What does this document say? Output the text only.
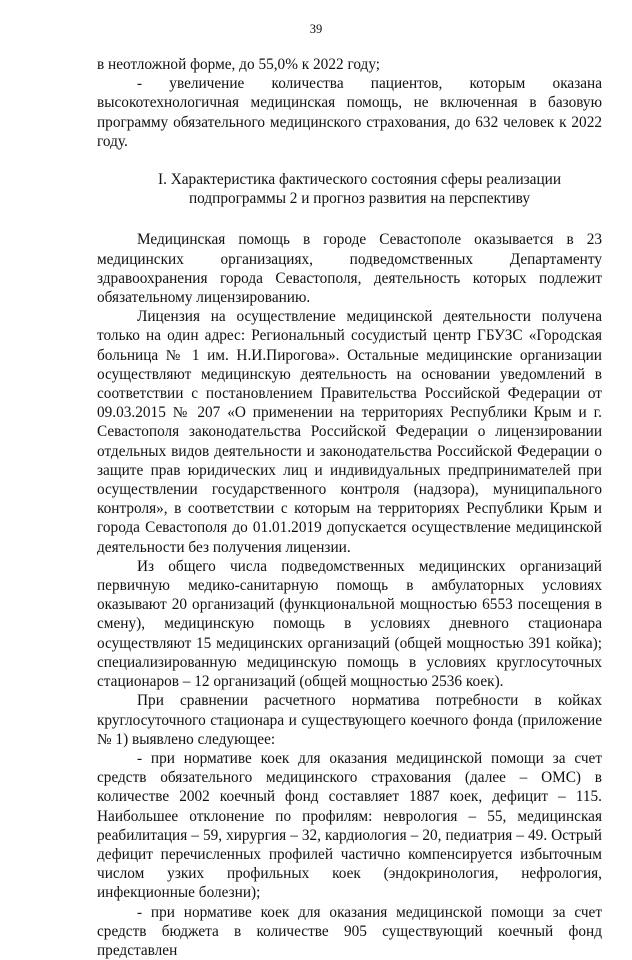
39

в неотложной форме, до 55,0% к 2022 году;

- увеличение количества пациентов, которым оказана высокотехнологичная медицинская помощь, не включенная в базовую программу обязательного медицинского страхования, до 632 человек к 2022 году.

I. Характеристика фактического состояния сферы реализации
подпрограммы 2 и прогноз развития на перспективу

Медицинская помощь в городе Севастополе оказывается в 23 медицинских организациях, подведомственных Департаменту здравоохранения города Севастополя, деятельность которых подлежит обязательному лицензированию.

Лицензия на осуществление медицинской деятельности получена только на один адрес: Региональный сосудистый центр ГБУЗС «Городская больница № 1 им. Н.И.Пирогова». Остальные медицинские организации осуществляют медицинскую деятельность на основании уведомлений в соответствии с постановлением Правительства Российской Федерации от 09.03.2015 № 207 «О применении на территориях Республики Крым и г. Севастополя законодательства Российской Федерации о лицензировании отдельных видов деятельности и законодательства Российской Федерации о защите прав юридических лиц и индивидуальных предпринимателей при осуществлении государственного контроля (надзора), муниципального контроля», в соответствии с которым на территориях Республики Крым и города Севастополя до 01.01.2019 допускается осуществление медицинской деятельности без получения лицензии.

Из общего числа подведомственных медицинских организаций первичную медико-санитарную помощь в амбулаторных условиях оказывают 20 организаций (функциональной мощностью 6553 посещения в смену), медицинскую помощь в условиях дневного стационара осуществляют 15 медицинских организаций (общей мощностью 391 койка); специализированную медицинскую помощь в условиях круглосуточных стационаров – 12 организаций (общей мощностью 2536 коек).

При сравнении расчетного норматива потребности в койках круглосуточного стационара и существующего коечного фонда (приложение № 1) выявлено следующее:

- при нормативе коек для оказания медицинской помощи за счет средств обязательного медицинского страхования (далее – ОМС) в количестве 2002 коечный фонд составляет 1887 коек, дефицит – 115. Наибольшее отклонение по профилям: неврология – 55, медицинская реабилитация – 59, хирургия – 32, кардиология – 20, педиатрия – 49. Острый дефицит перечисленных профилей частично компенсируется избыточным числом узких профильных коек (эндокринология, нефрология, инфекционные болезни);

- при нормативе коек для оказания медицинской помощи за счет средств бюджета в количестве 905 существующий коечный фонд представлен
